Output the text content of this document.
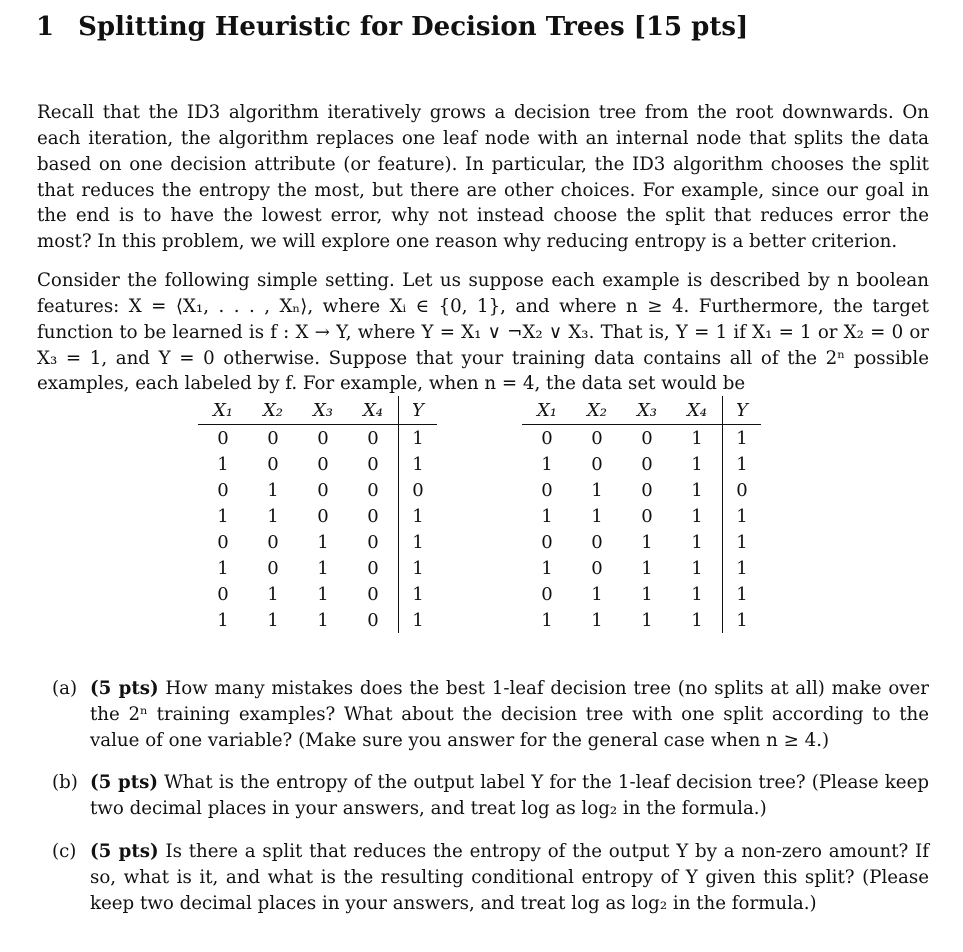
1 Splitting Heuristic for Decision Trees [15 pts]

Recall that the ID3 algorithm iteratively grows a decision tree from the root downwards. On each iteration, the algorithm replaces one leaf node with an internal node that splits the data based on one decision attribute (or feature). In particular, the ID3 algorithm chooses the split that reduces the entropy the most, but there are other choices. For example, since our goal in the end is to have the lowest error, why not instead choose the split that reduces error the most? In this problem, we will explore one reason why reducing entropy is a better criterion.

Consider the following simple setting. Let us suppose each example is described by n boolean features: X = ⟨X₁, . . . , Xₙ⟩, where Xᵢ ∈ {0, 1}, and where n ≥ 4. Furthermore, the target function to be learned is f : X → Y, where Y = X₁ ∨ ¬X₂ ∨ X₃. That is, Y = 1 if X₁ = 1 or X₂ = 0 or X₃ = 1, and Y = 0 otherwise. Suppose that your training data contains all of the 2ⁿ possible examples, each labeled by f. For example, when n = 4, the data set would be

X₁	X₂	X₃	X₄	Y
0	0	0	0	1
1	0	0	0	1
0	1	0	0	0
1	1	0	0	1
0	0	1	0	1
1	0	1	0	1
0	1	1	0	1
1	1	1	0	1
X₁	X₂	X₃	X₄	Y
0	0	0	1	1
1	0	0	1	1
0	1	0	1	0
1	1	0	1	1
0	0	1	1	1
1	0	1	1	1
0	1	1	1	1
1	1	1	1	1
(a) (5 pts) How many mistakes does the best 1-leaf decision tree (no splits at all) make over the 2ⁿ training examples? What about the decision tree with one split according to the value of one variable? (Make sure you answer for the general case when n ≥ 4.)
(b) (5 pts) What is the entropy of the output label Y for the 1-leaf decision tree? (Please keep two decimal places in your answers, and treat log as log₂ in the formula.)
(c) (5 pts) Is there a split that reduces the entropy of the output Y by a non-zero amount? If so, what is it, and what is the resulting conditional entropy of Y given this split? (Please keep two decimal places in your answers, and treat log as log₂ in the formula.)
